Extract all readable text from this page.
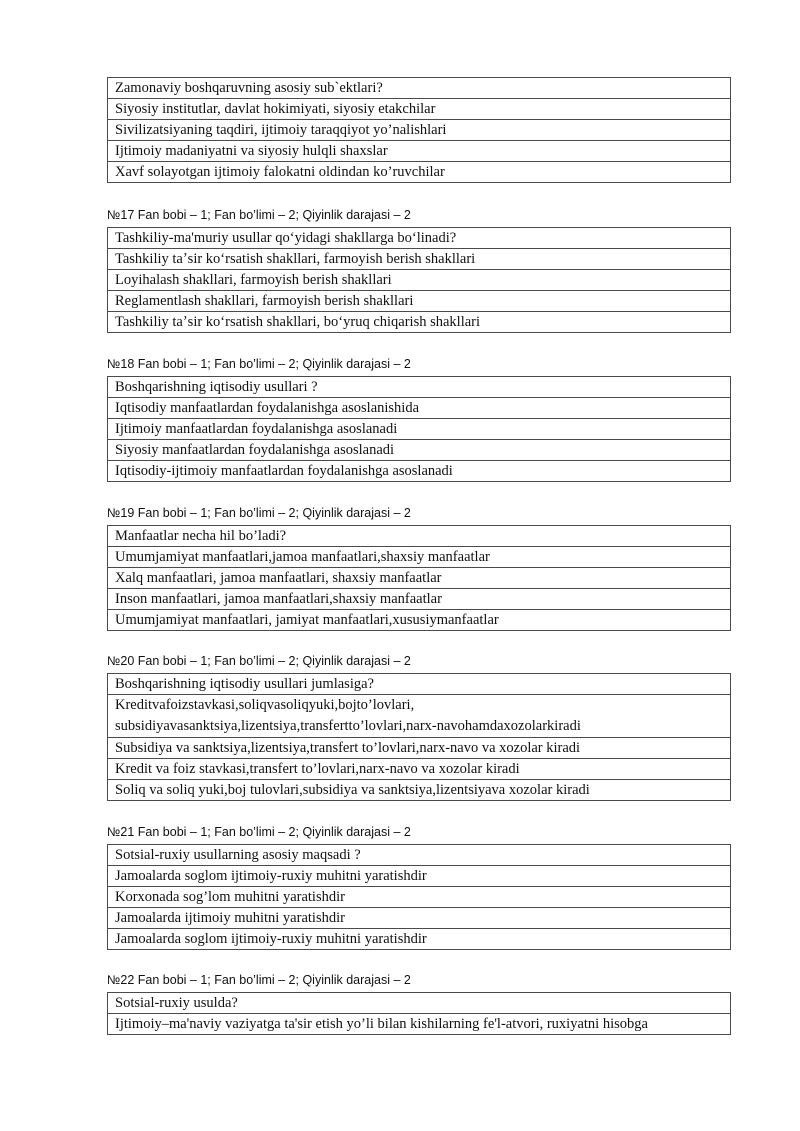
Zamonaviy boshqaruvning asosiy sub`ektlari?
Siyosiy institutlar, davlat hokimiyati, siyosiy etakchilar
Sivilizatsiyaning taqdiri, ijtimoiy taraqqiyot yo’nalishlari
Ijtimoiy madaniyatni va siyosiy hulqli shaxslar
Xavf solayotgan ijtimoiy falokatni oldindan ko’ruvchilar
№17 Fan bobi – 1; Fan bo’limi – 2; Qiyinlik darajasi – 2
Tashkiliy-ma'muriy usullar qoʻyidagi shakllarga boʻlinadi?
Tashkiliy taʼsir koʻrsatish shakllari, farmoyish berish shakllari
Loyihalash shakllari, farmoyish berish shakllari
Reglamentlash shakllari, farmoyish berish shakllari
Tashkiliy taʼsir koʻrsatish shakllari, boʻyruq chiqarish shakllari
№18 Fan bobi – 1; Fan bo’limi – 2; Qiyinlik darajasi – 2
Boshqarishning iqtisodiy usullari ?
Iqtisodiy manfaatlardan foydalanishga asoslanishida
Ijtimoiy manfaatlardan foydalanishga asoslanadi
Siyosiy manfaatlardan foydalanishga asoslanadi
Iqtisodiy-ijtimoiy manfaatlardan foydalanishga asoslanadi
№19 Fan bobi – 1; Fan bo’limi – 2; Qiyinlik darajasi – 2
Manfaatlar necha hil bo’ladi?
Umumjamiyat manfaatlari,jamoa manfaatlari,shaxsiy manfaatlar
Xalq manfaatlari, jamoa manfaatlari, shaxsiy manfaatlar
Inson manfaatlari, jamoa manfaatlari,shaxsiy manfaatlar
Umumjamiyat manfaatlari, jamiyat manfaatlari,xususiymanfaatlar
№20 Fan bobi – 1; Fan bo’limi – 2; Qiyinlik darajasi – 2
Boshqarishning iqtisodiy usullari jumlasiga?
Kreditvafoizstavkasi,soliqvasoliqyuki,bojto’lovlari, subsidiyavasanktsiya,lizentsiya,transfertto’lovlari,narx-navohamdaxozolarkiradi
Subsidiya va sanktsiya,lizentsiya,transfert to’lovlari,narx-navo va xozolar kiradi
Kredit va foiz stavkasi,transfert to’lovlari,narx-navo va xozolar kiradi
Soliq va soliq yuki,boj tulovlari,subsidiya va sanktsiya,lizentsiyava xozolar kiradi
№21 Fan bobi – 1; Fan bo’limi – 2; Qiyinlik darajasi – 2
Sotsial-ruxiy usullarning asosiy maqsadi ?
Jamoalarda soglom ijtimoiy-ruxiy muhitni yaratishdir
Korxonada sog’lom muhitni yaratishdir
Jamoalarda ijtimoiy muhitni yaratishdir
Jamoalarda soglom ijtimoiy-ruxiy muhitni yaratishdir
№22 Fan bobi – 1; Fan bo’limi – 2; Qiyinlik darajasi – 2
Sotsial-ruxiy usulda?
Ijtimoiy–ma'naviy vaziyatga ta'sir etish yo’li bilan kishilarning fe'l-atvori, ruxiyatni hisobga
